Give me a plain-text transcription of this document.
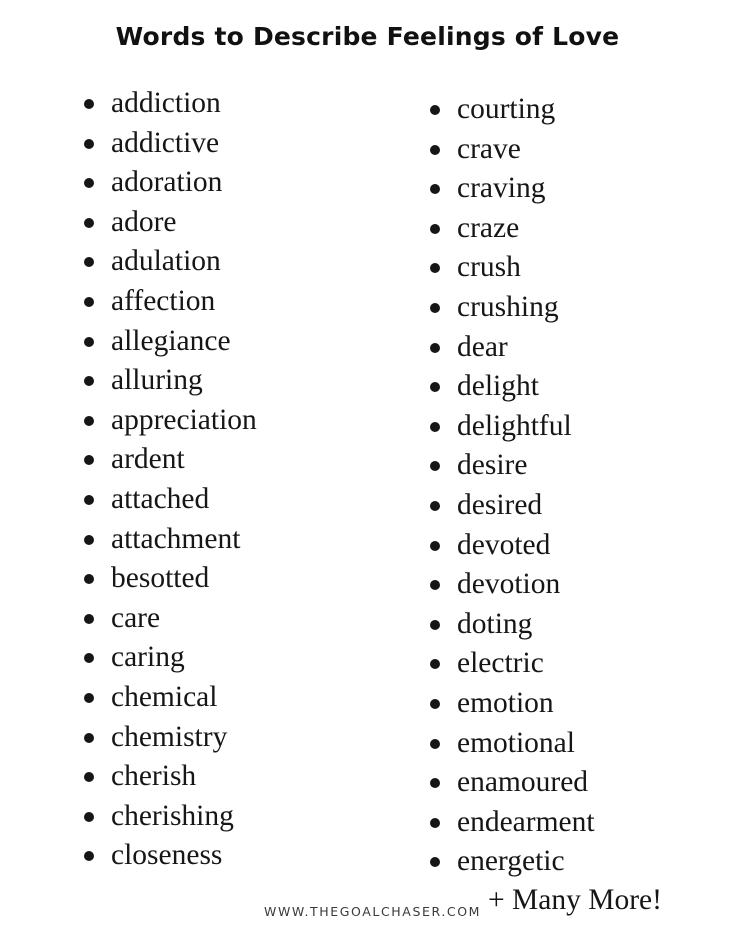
Words to Describe Feelings of Love
addiction
addictive
adoration
adore
adulation
affection
allegiance
alluring
appreciation
ardent
attached
attachment
besotted
care
caring
chemical
chemistry
cherish
cherishing
closeness
courting
crave
craving
craze
crush
crushing
dear
delight
delightful
desire
desired
devoted
devotion
doting
electric
emotion
emotional
enamoured
endearment
energetic
WWW.THEGOALCHASER.COM + Many More!
